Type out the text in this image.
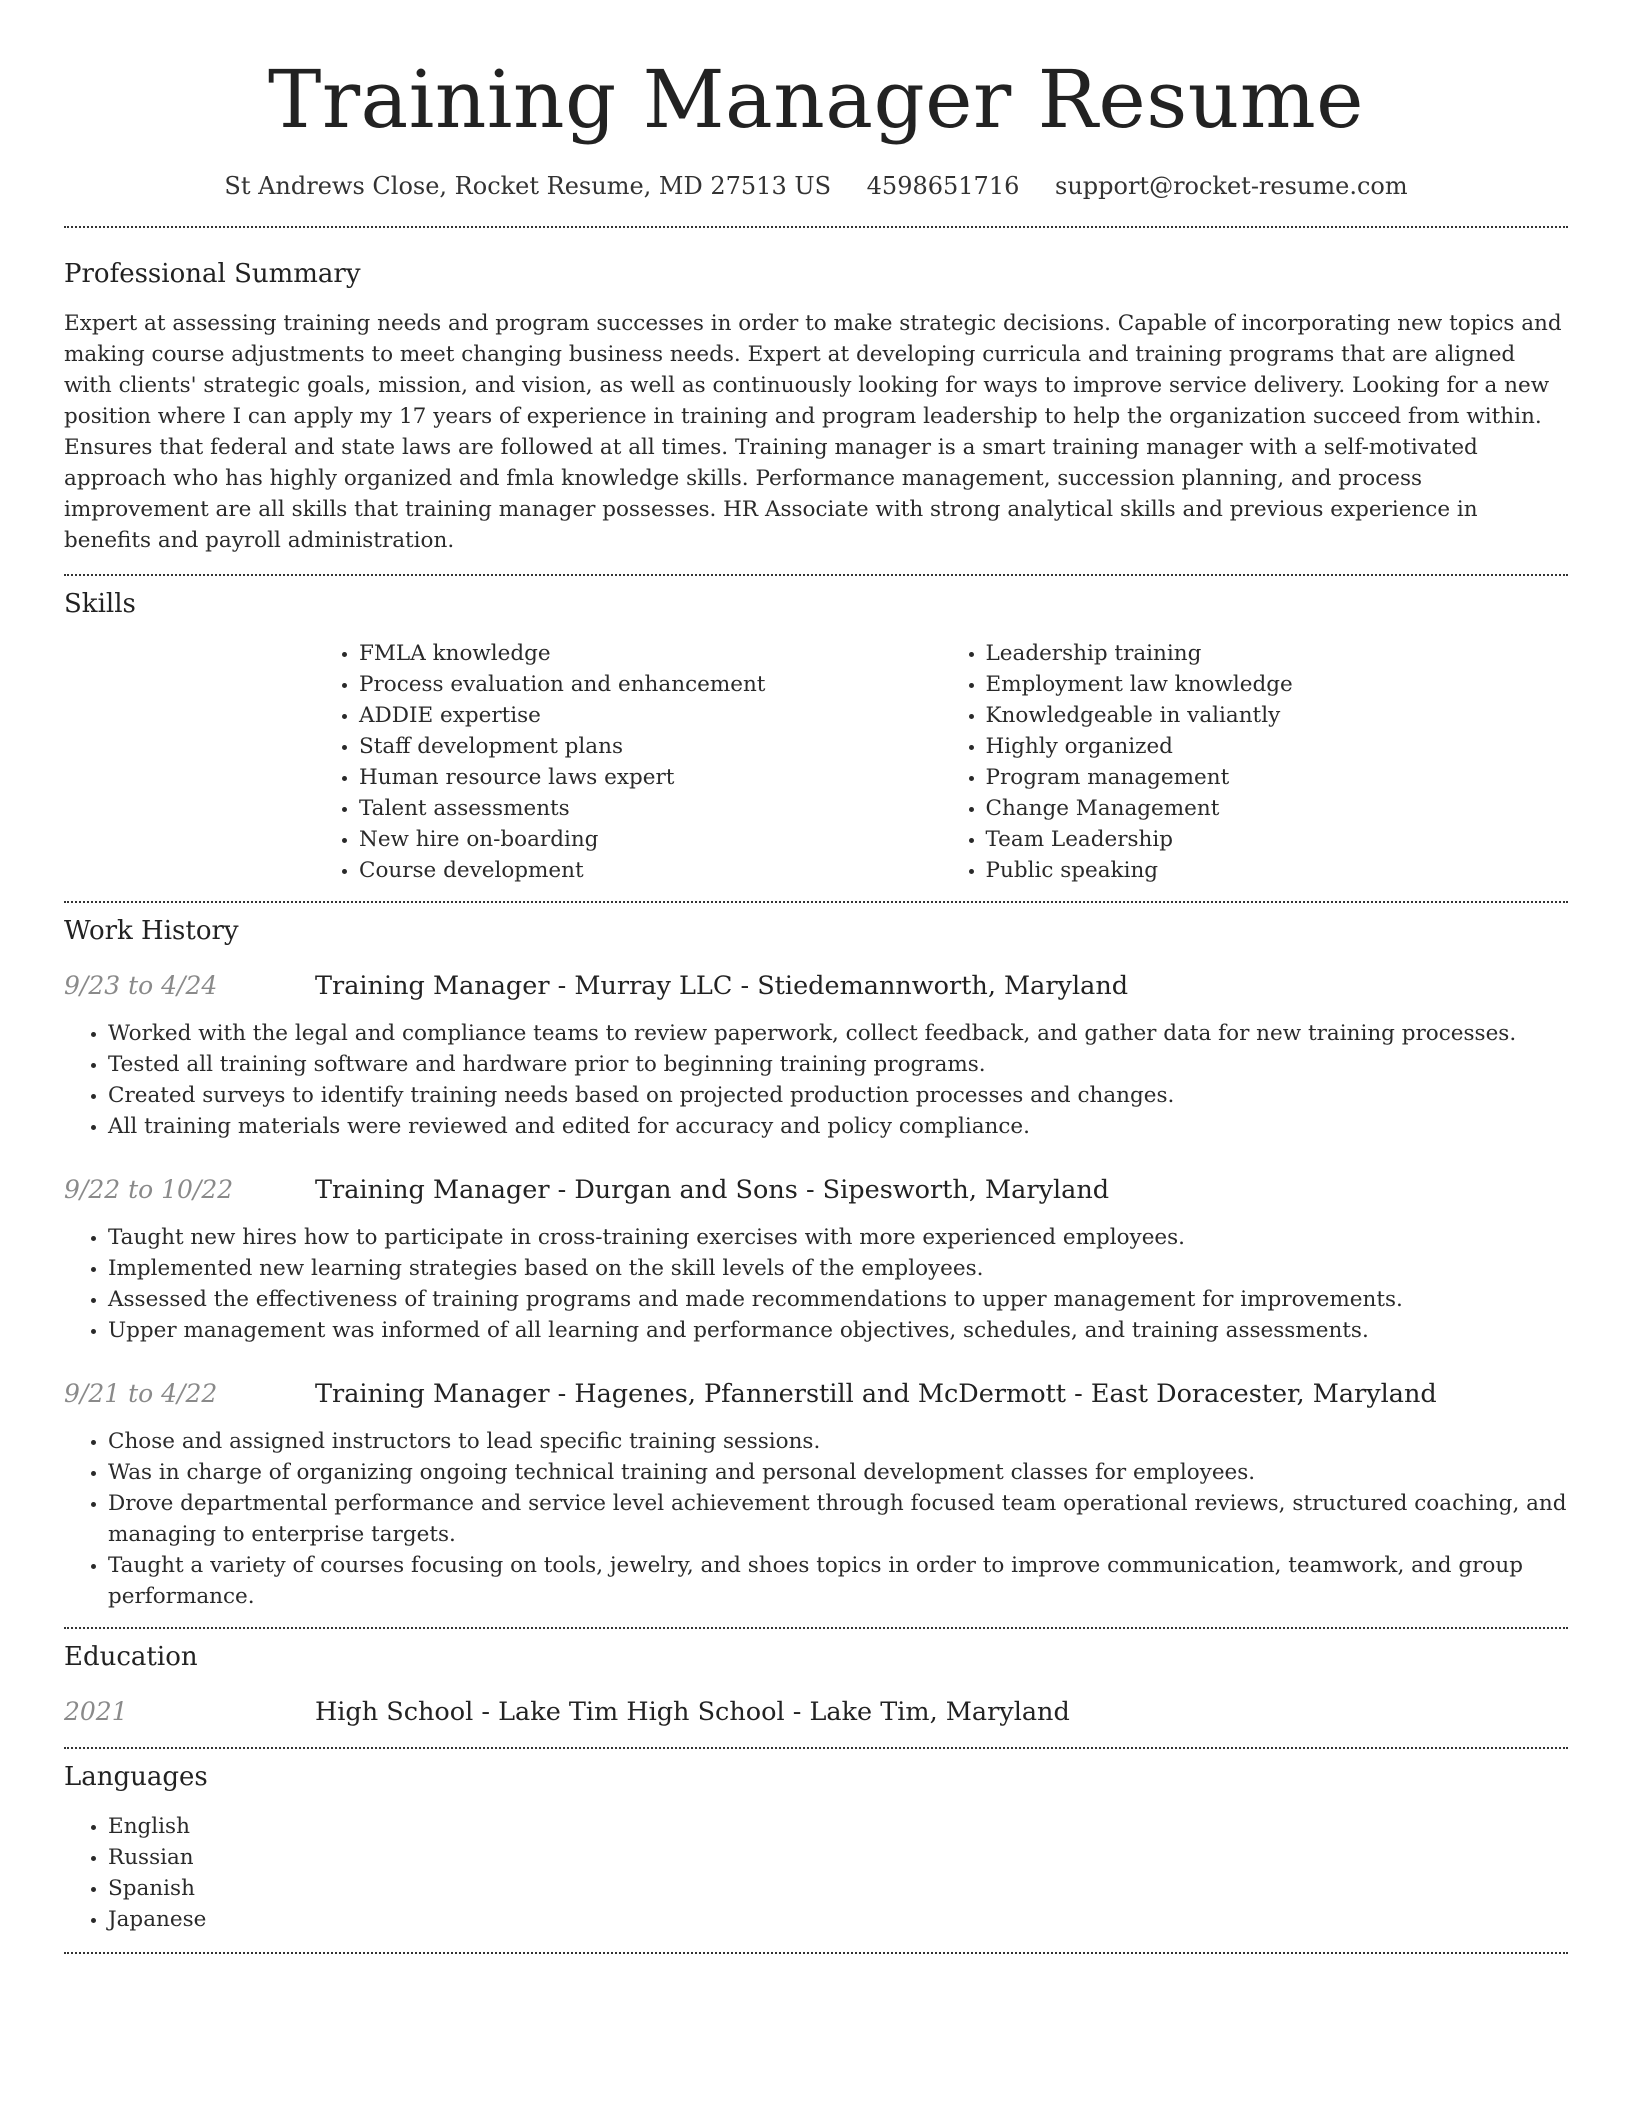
Training Manager Resume
St Andrews Close, Rocket Resume, MD 27513 US 4598651716 support@rocket-resume.com
Professional Summary

Expert at assessing training needs and program successes in order to make strategic decisions. Capable of incorporating new topics and making course adjustments to meet changing business needs. Expert at developing curricula and training programs that are aligned with clients' strategic goals, mission, and vision, as well as continuously looking for ways to improve service delivery. Looking for a new position where I can apply my 17 years of experience in training and program leadership to help the organization succeed from within. Ensures that federal and state laws are followed at all times. Training manager is a smart training manager with a self-motivated approach who has highly organized and fmla knowledge skills. Performance management, succession planning, and process improvement are all skills that training manager possesses. HR Associate with strong analytical skills and previous experience in benefits and payroll administration.

Skills
• FMLA knowledge
• Process evaluation and enhancement
• ADDIE expertise
• Staff development plans
• Human resource laws expert
• Talent assessments
• New hire on-boarding
• Course development
• Leadership training
• Employment law knowledge
• Knowledgeable in valiantly
• Highly organized
• Program management
• Change Management
• Team Leadership
• Public speaking
Work History
9/23 to 4/24	Training Manager - Murray LLC - Stiedemannworth, Maryland
• Worked with the legal and compliance teams to review paperwork, collect feedback, and gather data for new training processes.
• Tested all training software and hardware prior to beginning training programs.
• Created surveys to identify training needs based on projected production processes and changes.
• All training materials were reviewed and edited for accuracy and policy compliance.
9/22 to 10/22	Training Manager - Durgan and Sons - Sipesworth, Maryland
• Taught new hires how to participate in cross-training exercises with more experienced employees.
• Implemented new learning strategies based on the skill levels of the employees.
• Assessed the effectiveness of training programs and made recommendations to upper management for improvements.
• Upper management was informed of all learning and performance objectives, schedules, and training assessments.
9/21 to 4/22	Training Manager - Hagenes, Pfannerstill and McDermott - East Doracester, Maryland
• Chose and assigned instructors to lead specific training sessions.
• Was in charge of organizing ongoing technical training and personal development classes for employees.
• Drove departmental performance and service level achievement through focused team operational reviews, structured coaching, and managing to enterprise targets.
• Taught a variety of courses focusing on tools, jewelry, and shoes topics in order to improve communication, teamwork, and group performance.
Education
2021	High School - Lake Tim High School - Lake Tim, Maryland
Languages
• English
• Russian
• Spanish
• Japanese
